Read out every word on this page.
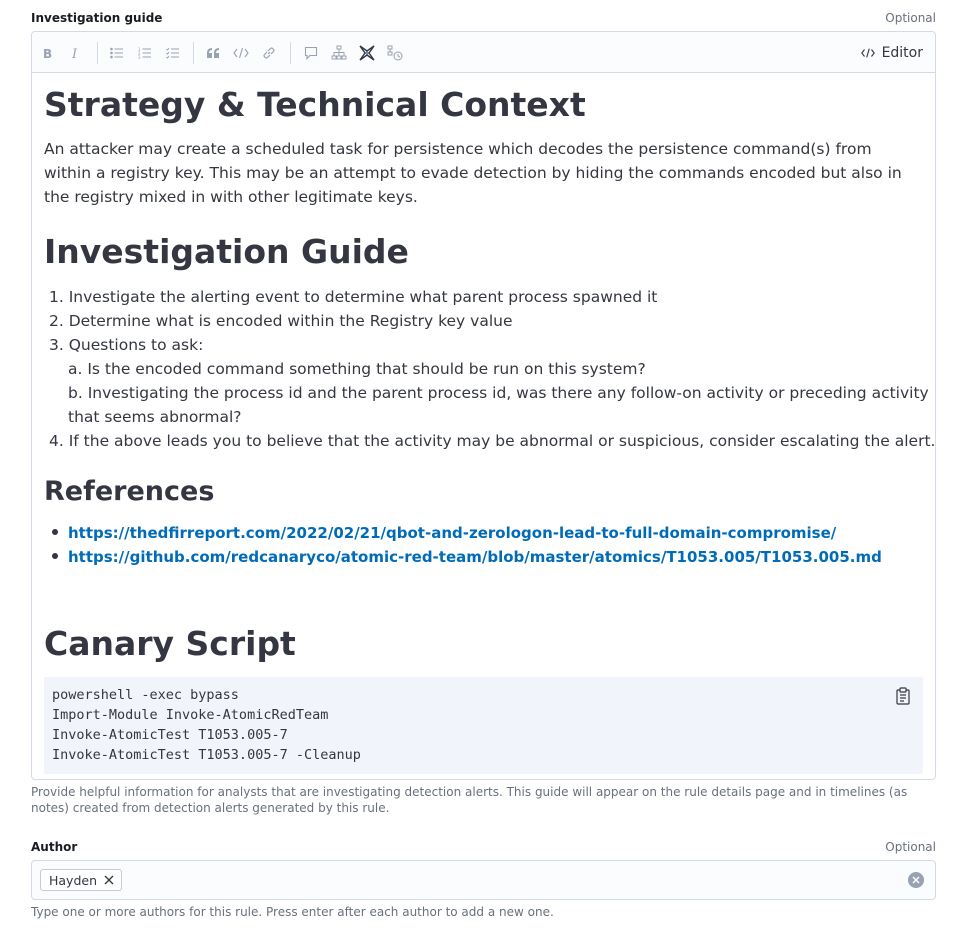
Investigation guide	Optional
B I	1
2
3	Editor
Strategy & Technical Context
An attacker may create a scheduled task for persistence which decodes the persistence command(s) from within a registry key. This may be an attempt to evade detection by hiding the commands encoded but also in the registry mixed in with other legitimate keys.
Investigation Guide
1. Investigate the alerting event to determine what parent process spawned it
2. Determine what is encoded within the Registry key value
3. Questions to ask:
a. Is the encoded command something that should be run on this system?
b. Investigating the process id and the parent process id, was there any follow-on activity or preceding activity
that seems abnormal?
4. If the above leads you to believe that the activity may be abnormal or suspicious, consider escalating the alert.
References
https://thedfirreport.com/2022/02/21/qbot-and-zerologon-lead-to-full-domain-compromise/
https://github.com/redcanaryco/atomic-red-team/blob/master/atomics/T1053.005/T1053.005.md
Canary Script
powershell -exec bypass
Import-Module Invoke-AtomicRedTeam
Invoke-AtomicTest T1053.005-7
Invoke-AtomicTest T1053.005-7 -Cleanup
Provide helpful information for analysts that are investigating detection alerts. This guide will appear on the rule details page and in timelines (as notes) created from detection alerts generated by this rule.
Author	Optional
Hayden
Type one or more authors for this rule. Press enter after each author to add a new one.
